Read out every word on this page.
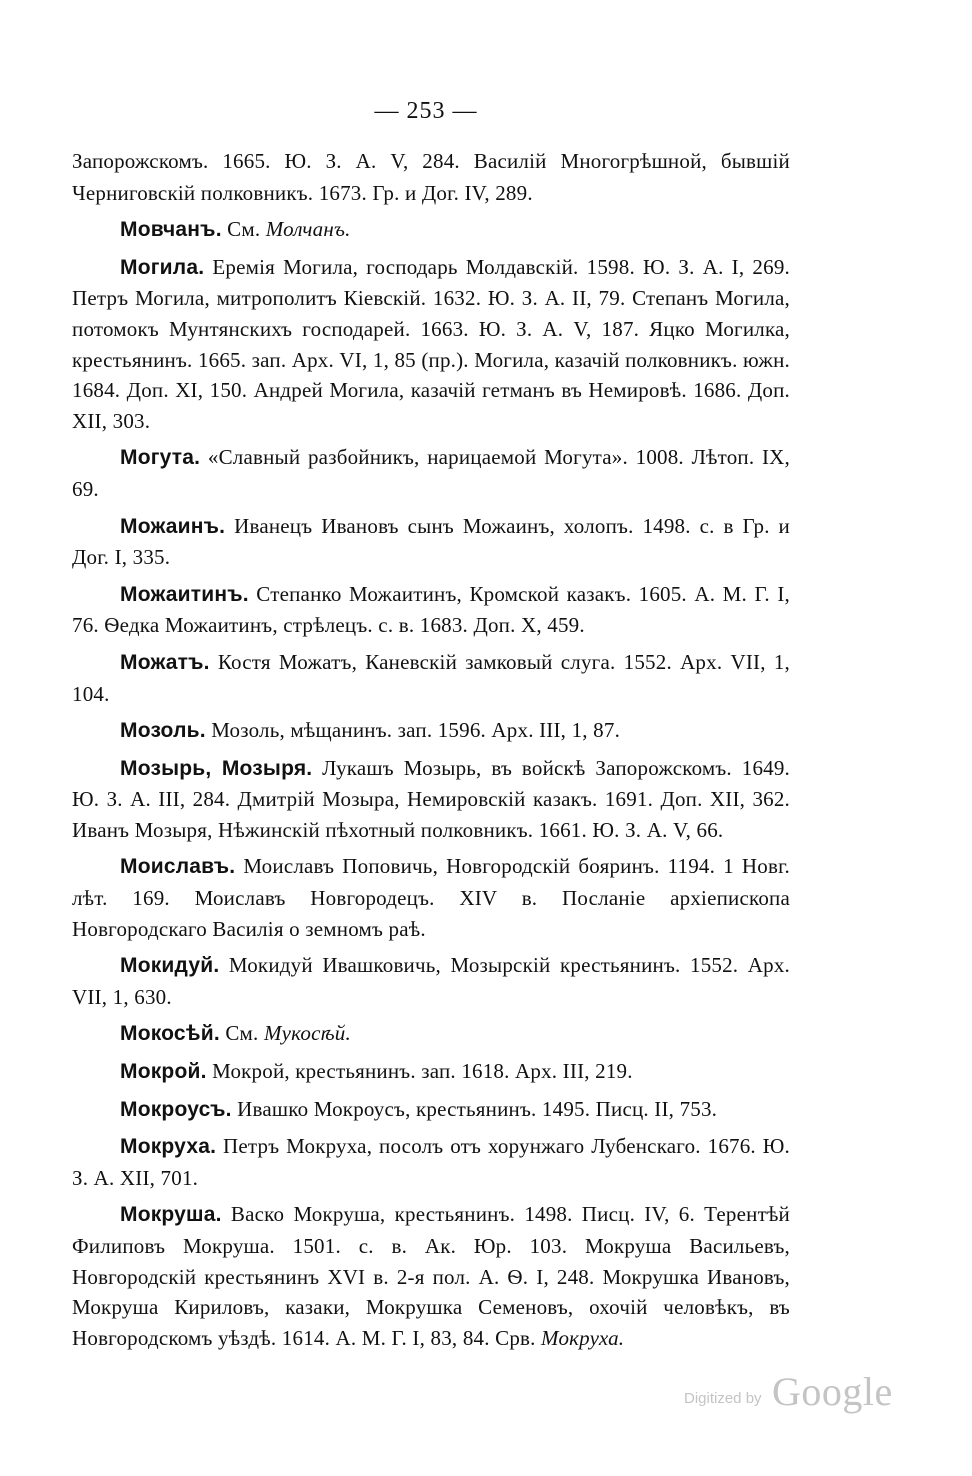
— 253 —

Запорожскомъ. 1665. Ю. З. А. V, 284. Василій Многогрѣшной, бывшій Черниговскій полковникъ. 1673. Гр. и Дог. IV, 289.

Мовчанъ. См. Молчанъ.

Могила. Еремія Могила, господарь Молдавскій. 1598. Ю. З. А. I, 269. Петръ Могила, митрополитъ Кіевскій. 1632. Ю. З. А. II, 79. Степанъ Могила, потомокъ Мунтянскихъ господарей. 1663. Ю. З. А. V, 187. Яцко Могилка, крестьянинъ. 1665. зап. Арх. VI, 1, 85 (пр.). Могила, казачій полковникъ. южн. 1684. Доп. XI, 150. Андрей Могила, казачій гетманъ въ Немировѣ. 1686. Доп. XII, 303.

Могута. «Славный разбойникъ, нарицаемой Могута». 1008. Лѣтоп. IX, 69.

Можаинъ. Иванецъ Ивановъ сынъ Можаинъ, холопъ. 1498. с. в Гр. и Дог. I, 335.

Можаитинъ. Степанко Можаитинъ, Кромской казакъ. 1605. А. М. Г. I, 76. Ѳедка Можаитинъ, стрѣлецъ. с. в. 1683. Доп. X, 459.

Можатъ. Костя Можатъ, Каневскій замковый слуга. 1552. Арх. VII, 1, 104.

Мозоль. Мозоль, мѣщанинъ. зап. 1596. Арх. III, 1, 87.

Мозырь, Мозыря. Лукашъ Мозырь, въ войскѣ Запорожскомъ. 1649. Ю. З. А. III, 284. Дмитрій Мозыра, Немировскій казакъ. 1691. Доп. XII, 362. Иванъ Мозыря, Нѣжинскій пѣхотный полковникъ. 1661. Ю. З. А. V, 66.

Моиславъ. Моиславъ Поповичь, Новгородскій бояринъ. 1194. 1 Новг. лѣт. 169. Моиславъ Новгородецъ. XIV в. Посланіе архіепископа Новгородскаго Василія о земномъ раѣ.

Мокидуй. Мокидуй Ивашковичь, Мозырскій крестьянинъ. 1552. Арх. VII, 1, 630.

Мокосѣй. См. Мукосѣй.

Мокрой. Мокрой, крестьянинъ. зап. 1618. Арх. III, 219.

Мокроусъ. Ивашко Мокроусъ, крестьянинъ. 1495. Писц. II, 753.

Мокруха. Петръ Мокруха, посолъ отъ хорунжаго Лубенскаго. 1676. Ю. З. А. XII, 701.

Мокруша. Васко Мокруша, крестьянинъ. 1498. Писц. IV, 6. Терентѣй Филиповъ Мокруша. 1501. с. в. Ак. Юр. 103. Мокруша Васильевъ, Новгородскій крестьянинъ XVI в. 2-я пол. А. Ѳ. I, 248. Мокрушка Ивановъ, Мокруша Кириловъ, казаки, Мокрушка Семеновъ, охочій человѣкъ, въ Новгородскомъ уѣздѣ. 1614. А. М. Г. I, 83, 84. Срв. Мокруха.

Digitized by Google
